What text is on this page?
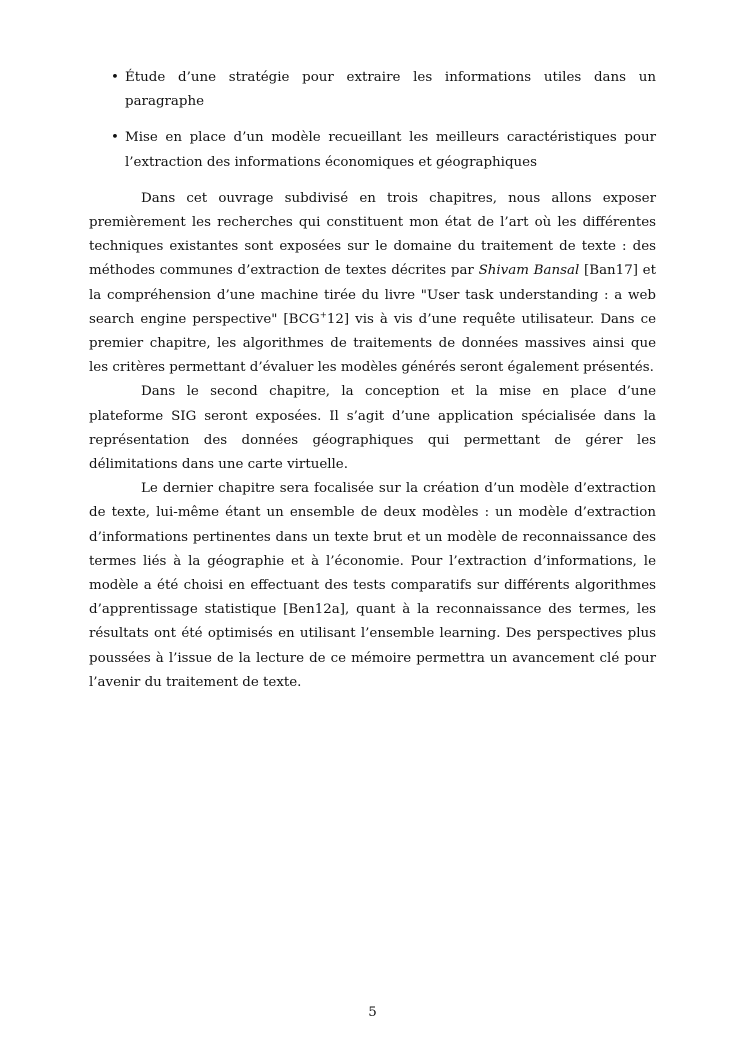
• Étude d’une stratégie pour extraire les informations utiles dans un paragraphe
• Mise en place d’un modèle recueillant les meilleurs caractéristiques pour l’extraction des informations économiques et géographiques

Dans cet ouvrage subdivisé en trois chapitres, nous allons exposer premièrement les recherches qui constituent mon état de l’art où les différentes techniques existantes sont exposées sur le domaine du traitement de texte : des méthodes communes d’extraction de textes décrites par Shivam Bansal [Ban17] et la compréhension d’une machine tirée du livre "User task understanding : a web search engine perspective" [BCG+12] vis à vis d’une requête utilisateur. Dans ce premier chapitre, les algorithmes de traitements de données massives ainsi que les critères permettant d’évaluer les modèles générés seront également présentés.

Dans le second chapitre, la conception et la mise en place d’une plateforme SIG seront exposées. Il s’agit d’une application spécialisée dans la représentation des données géographiques qui permettant de gérer les délimitations dans une carte virtuelle.

Le dernier chapitre sera focalisée sur la création d’un modèle d’extraction de texte, lui-même étant un ensemble de deux modèles : un modèle d’extraction d’informations pertinentes dans un texte brut et un modèle de reconnaissance des termes liés à la géographie et à l’économie. Pour l’extraction d’informations, le modèle a été choisi en effectuant des tests comparatifs sur différents algorithmes d’apprentissage statistique [Ben12a], quant à la reconnaissance des termes, les résultats ont été optimisés en utilisant l’ensemble learning. Des perspectives plus poussées à l’issue de la lecture de ce mémoire permettra un avancement clé pour l’avenir du traitement de texte.

5
